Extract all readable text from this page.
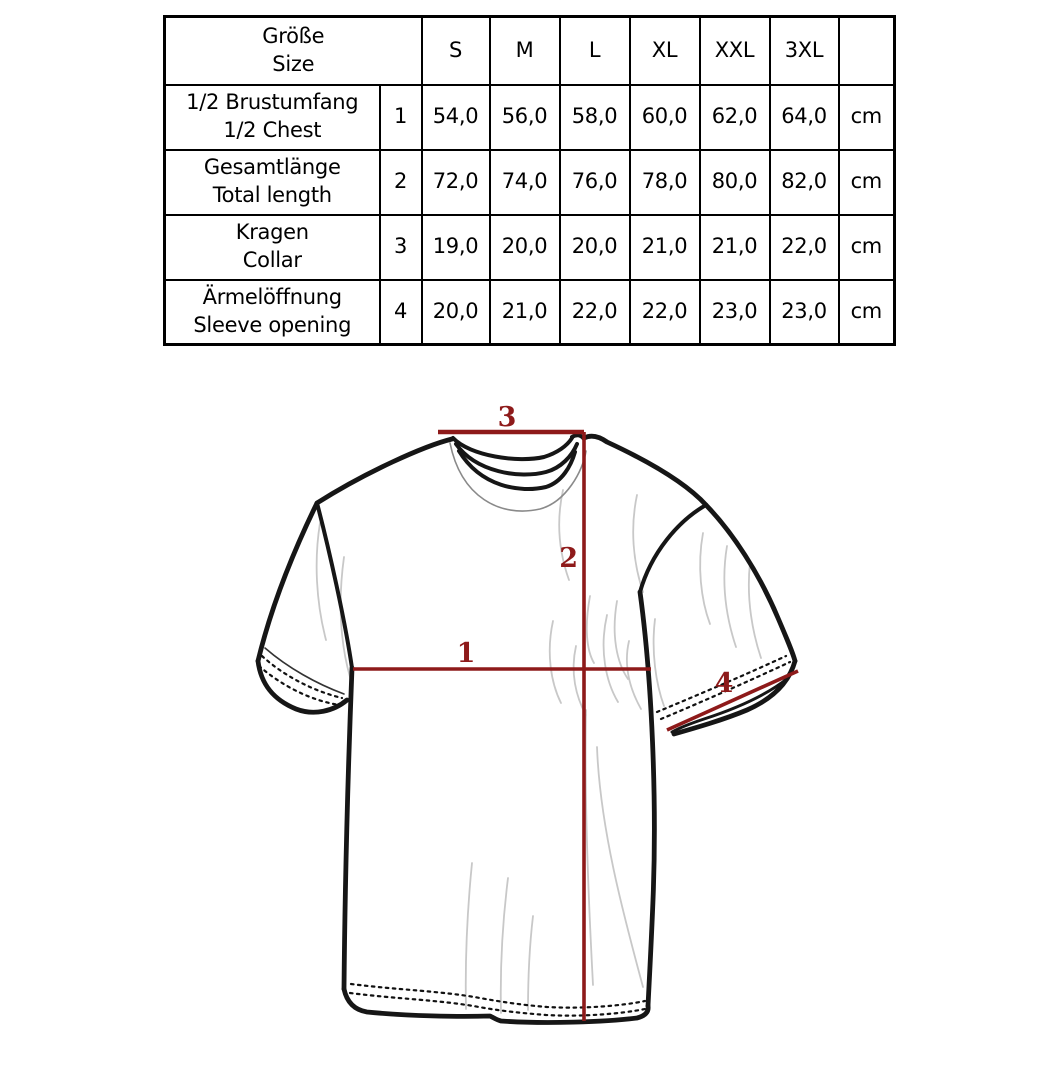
Größe
Size		S	M	L	XL	XXL	3XL	

1/2 Brustumfang
1/2 Chest	1	54,0	56,0	58,0	60,0	62,0	64,0	cm

Gesamtlänge
Total length	2	72,0	74,0	76,0	78,0	80,0	82,0	cm

Kragen
Collar	3	19,0	20,0	20,0	21,0	21,0	22,0	cm

Ärmelöffnung
Sleeve opening	4	20,0	21,0	22,0	22,0	23,0	23,0	cm
3
2
1
4
